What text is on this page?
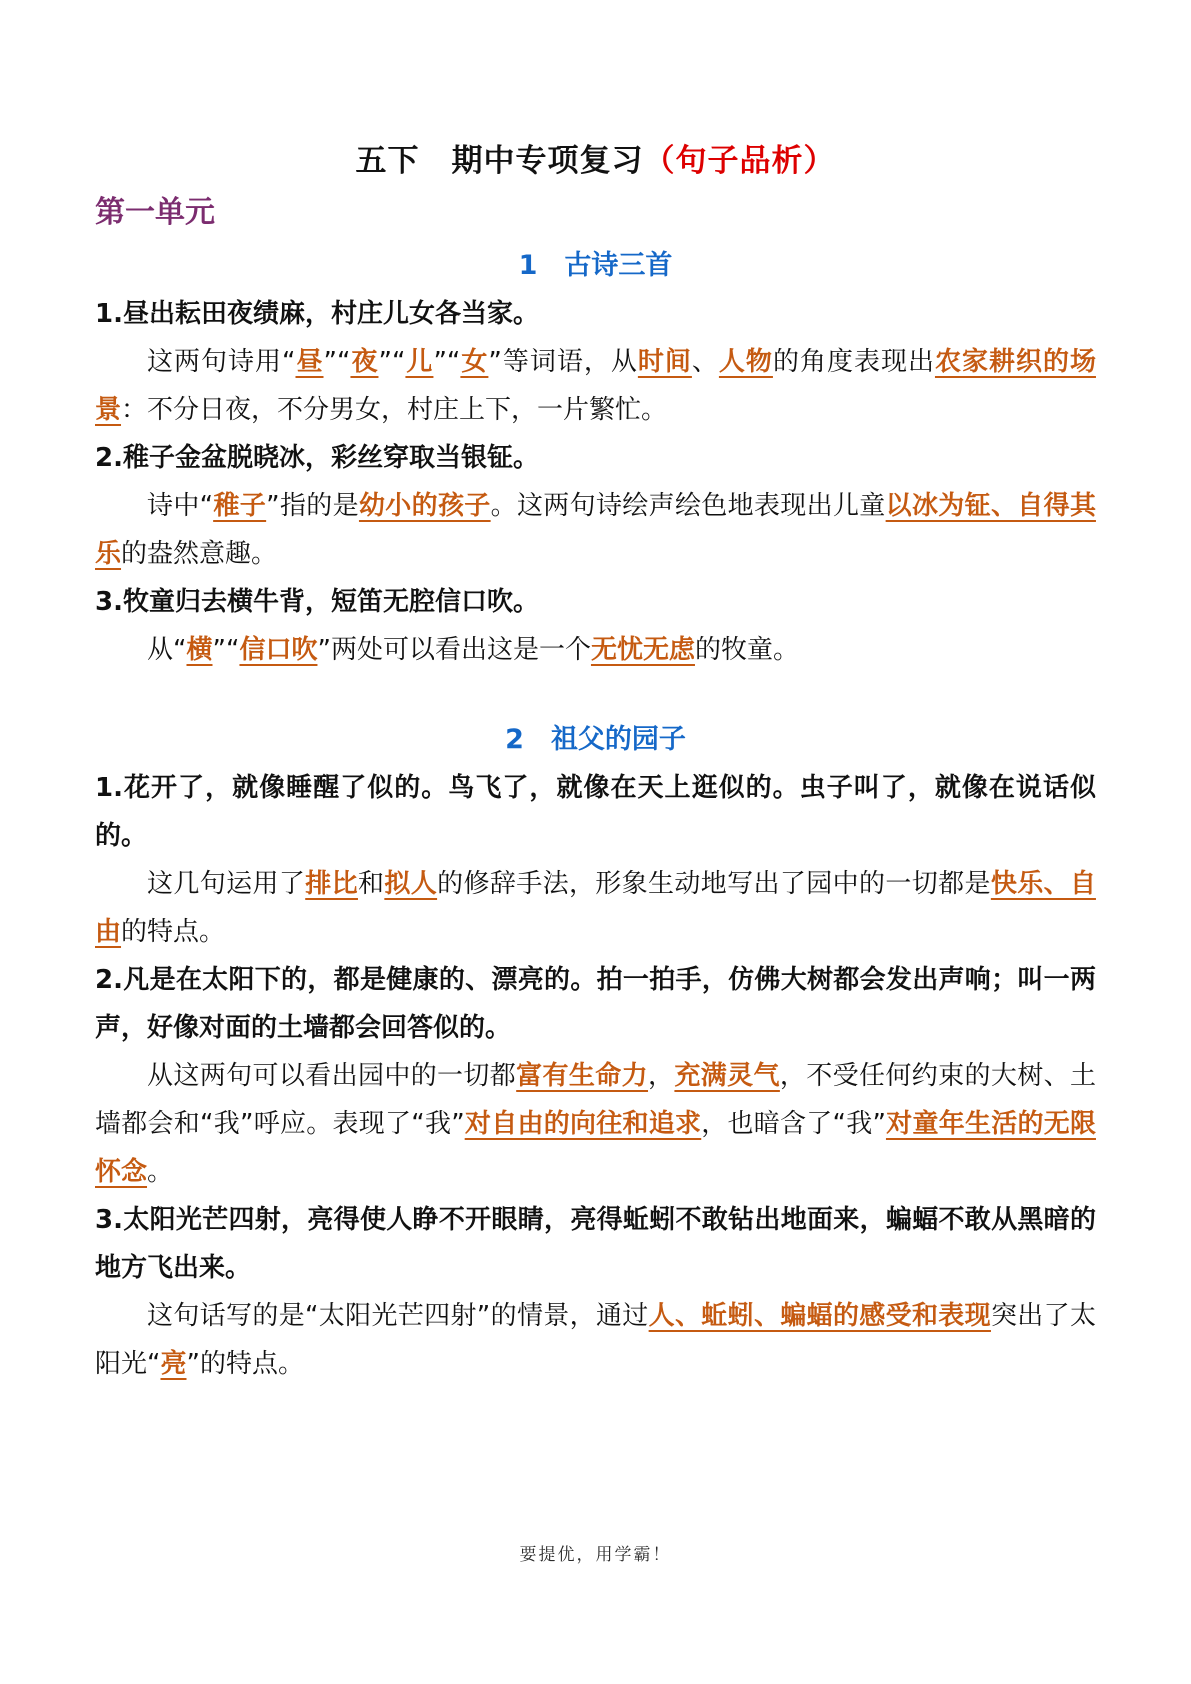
五下　期中专项复习（句子品析）
第一单元
1　古诗三首
1.昼出耘田夜绩麻，村庄儿女各当家。
这两句诗用“昼”“夜”“儿”“女”等词语，从时间、人物的角度表现出农家耕织的场景：不分日夜，不分男女，村庄上下，一片繁忙。
2.稚子金盆脱晓冰，彩丝穿取当银钲。
诗中“稚子”指的是幼小的孩子。这两句诗绘声绘色地表现出儿童以冰为钲、自得其乐的盎然意趣。
3.牧童归去横牛背，短笛无腔信口吹。
从“横”“信口吹”两处可以看出这是一个无忧无虑的牧童。
2　祖父的园子
1.花开了，就像睡醒了似的。鸟飞了，就像在天上逛似的。虫子叫了，就像在说话似的。
这几句运用了排比和拟人的修辞手法，形象生动地写出了园中的一切都是快乐、自由的特点。
2.凡是在太阳下的，都是健康的、漂亮的。拍一拍手，仿佛大树都会发出声响；叫一两声，好像对面的土墙都会回答似的。
从这两句可以看出园中的一切都富有生命力，充满灵气，不受任何约束的大树、土墙都会和“我”呼应。表现了“我”对自由的向往和追求，也暗含了“我”对童年生活的无限怀念。
3.太阳光芒四射，亮得使人睁不开眼睛，亮得蚯蚓不敢钻出地面来，蝙蝠不敢从黑暗的地方飞出来。
这句话写的是“太阳光芒四射”的情景，通过人、蚯蚓、蝙蝠的感受和表现突出了太阳光“亮”的特点。
要提优，用学霸！
